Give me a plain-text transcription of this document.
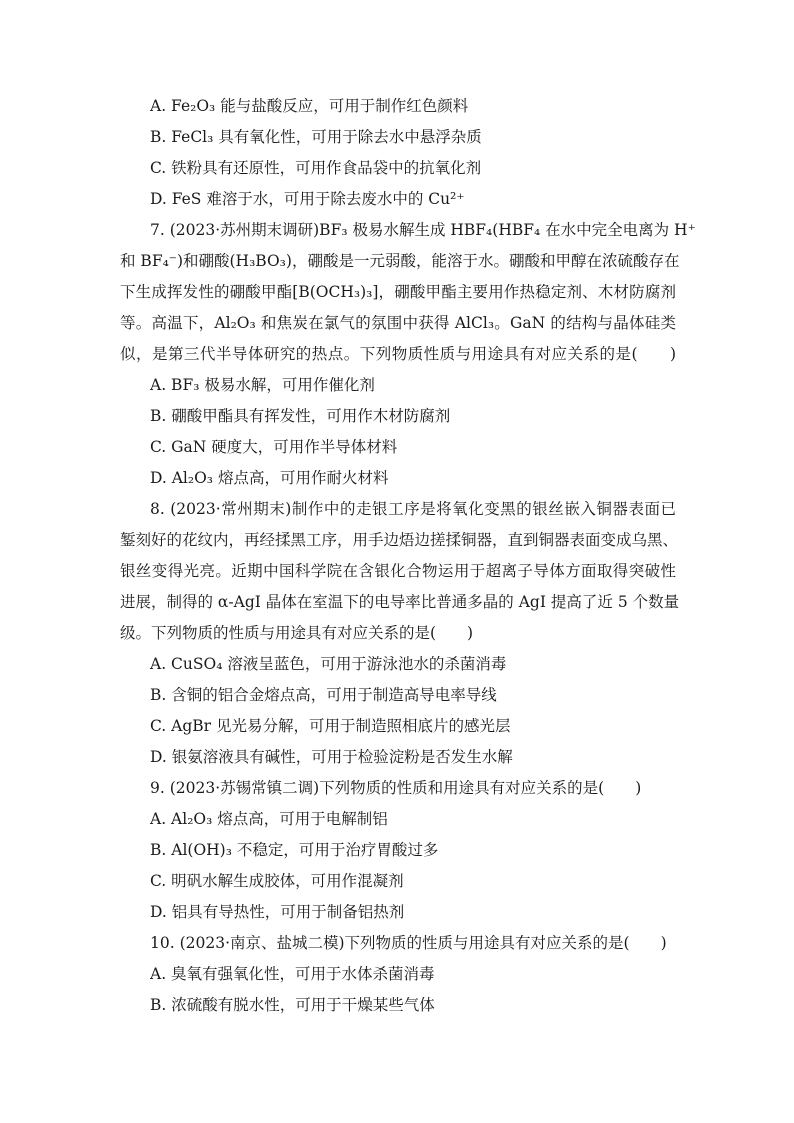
A. Fe₂O₃ 能与盐酸反应，可用于制作红色颜料
B. FeCl₃ 具有氧化性，可用于除去水中悬浮杂质
C. 铁粉具有还原性，可用作食品袋中的抗氧化剂
D. FeS 难溶于水，可用于除去废水中的 Cu²⁺
7. (2023·苏州期末调研)BF₃ 极易水解生成 HBF₄(HBF₄ 在水中完全电离为 H⁺
和 BF₄⁻)和硼酸(H₃BO₃)，硼酸是一元弱酸，能溶于水。硼酸和甲醇在浓硫酸存在
下生成挥发性的硼酸甲酯[B(OCH₃)₃]，硼酸甲酯主要用作热稳定剂、木材防腐剂
等。高温下，Al₂O₃ 和焦炭在氯气的氛围中获得 AlCl₃。GaN 的结构与晶体硅类
似，是第三代半导体研究的热点。下列物质性质与用途具有对应关系的是(　　)
A. BF₃ 极易水解，可用作催化剂
B. 硼酸甲酯具有挥发性，可用作木材防腐剂
C. GaN 硬度大，可用作半导体材料
D. Al₂O₃ 熔点高，可用作耐火材料
8. (2023·常州期末)制作中的走银工序是将氧化变黑的银丝嵌入铜器表面已
錾刻好的花纹内，再经揉黑工序，用手边焐边搓揉铜器，直到铜器表面变成乌黑、
银丝变得光亮。近期中国科学院在含银化合物运用于超离子导体方面取得突破性
进展，制得的 α-AgI 晶体在室温下的电导率比普通多晶的 AgI 提高了近 5 个数量
级。下列物质的性质与用途具有对应关系的是(　　)
A. CuSO₄ 溶液呈蓝色，可用于游泳池水的杀菌消毒
B. 含铜的铝合金熔点高，可用于制造高导电率导线
C. AgBr 见光易分解，可用于制造照相底片的感光层
D. 银氨溶液具有碱性，可用于检验淀粉是否发生水解
9. (2023·苏锡常镇二调)下列物质的性质和用途具有对应关系的是(　　)
A. Al₂O₃ 熔点高，可用于电解制铝
B. Al(OH)₃ 不稳定，可用于治疗胃酸过多
C. 明矾水解生成胶体，可用作混凝剂
D. 铝具有导热性，可用于制备铝热剂
10. (2023·南京、盐城二模)下列物质的性质与用途具有对应关系的是(　　)
A. 臭氧有强氧化性，可用于水体杀菌消毒
B. 浓硫酸有脱水性，可用于干燥某些气体
